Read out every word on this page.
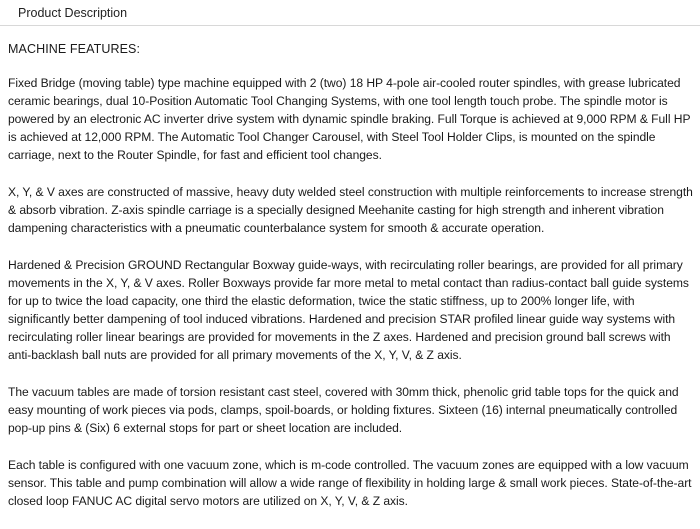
Product Description
MACHINE FEATURES:

Fixed Bridge (moving table) type machine equipped with 2 (two) 18 HP 4-pole air-cooled router spindles, with grease lubricated ceramic bearings, dual 10-Position Automatic Tool Changing Systems, with one tool length touch probe. The spindle motor is powered by an electronic AC inverter drive system with dynamic spindle braking. Full Torque is achieved at 9,000 RPM & Full HP is achieved at 12,000 RPM. The Automatic Tool Changer Carousel, with Steel Tool Holder Clips, is mounted on the spindle carriage, next to the Router Spindle, for fast and efficient tool changes.

X, Y, & V axes are constructed of massive, heavy duty welded steel construction with multiple reinforcements to increase strength & absorb vibration. Z-axis spindle carriage is a specially designed Meehanite casting for high strength and inherent vibration dampening characteristics with a pneumatic counterbalance system for smooth & accurate operation.

Hardened & Precision GROUND Rectangular Boxway guide-ways, with recirculating roller bearings, are provided for all primary movements in the X, Y, & V axes. Roller Boxways provide far more metal to metal contact than radius-contact ball guide systems for up to twice the load capacity, one third the elastic deformation, twice the static stiffness, up to 200% longer life, with significantly better dampening of tool induced vibrations. Hardened and precision STAR profiled linear guide way systems with recirculating roller linear bearings are provided for movements in the Z axes. Hardened and precision ground ball screws with anti-backlash ball nuts are provided for all primary movements of the X, Y, V, & Z axis.

The vacuum tables are made of torsion resistant cast steel, covered with 30mm thick, phenolic grid table tops for the quick and easy mounting of work pieces via pods, clamps, spoil-boards, or holding fixtures. Sixteen (16) internal pneumatically controlled pop-up pins & (Six) 6 external stops for part or sheet location are included.

Each table is configured with one vacuum zone, which is m-code controlled. The vacuum zones are equipped with a low vacuum sensor. This table and pump combination will allow a wide range of flexibility in holding large & small work pieces. State-of-the-art closed loop FANUC AC digital servo motors are utilized on X, Y, V, & Z axis.
